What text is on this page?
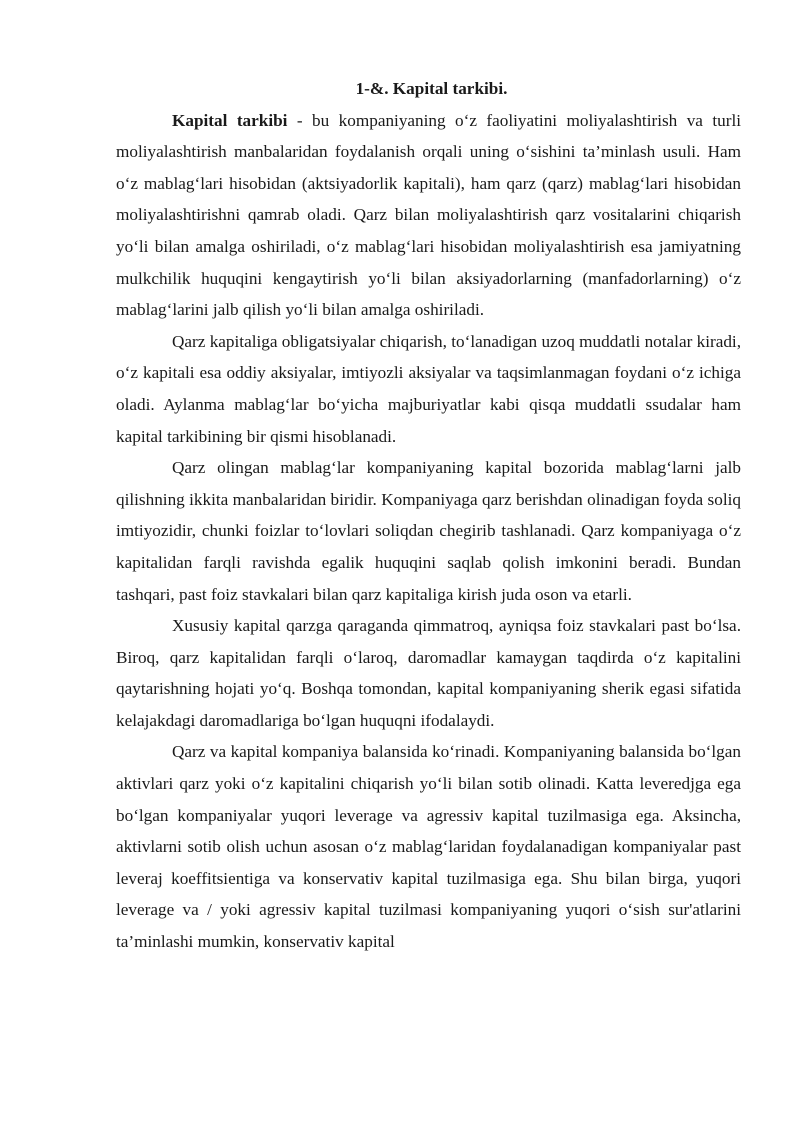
1-&. Kapital tarkibi.

Kapital tarkibi - bu kompaniyaning o‘z faoliyatini moliyalashtirish va turli moliyalashtirish manbalaridan foydalanish orqali uning o‘sishini ta’minlash usuli. Ham o‘z mablag‘lari hisobidan (aktsiyadorlik kapitali), ham qarz (qarz) mablag‘lari hisobidan moliyalashtirishni qamrab oladi. Qarz bilan moliyalashtirish qarz vositalarini chiqarish yo‘li bilan amalga oshiriladi, o‘z mablag‘lari hisobidan moliyalashtirish esa jamiyatning mulkchilik huquqini kengaytirish yo‘li bilan aksiyadorlarning (manfadorlarning) o‘z mablag‘larini jalb qilish yo‘li bilan amalga oshiriladi.

Qarz kapitaliga obligatsiyalar chiqarish, to‘lanadigan uzoq muddatli notalar kiradi, o‘z kapitali esa oddiy aksiyalar, imtiyozli aksiyalar va taqsimlanmagan foydani o‘z ichiga oladi. Aylanma mablag‘lar bo‘yicha majburiyatlar kabi qisqa muddatli ssudalar ham kapital tarkibining bir qismi hisoblanadi.

Qarz olingan mablag‘lar kompaniyaning kapital bozorida mablag‘larni jalb qilishning ikkita manbalaridan biridir. Kompaniyaga qarz berishdan olinadigan foyda soliq imtiyozidir, chunki foizlar to‘lovlari soliqdan chegirib tashlanadi. Qarz kompaniyaga o‘z kapitalidan farqli ravishda egalik huquqini saqlab qolish imkonini beradi. Bundan tashqari, past foiz stavkalari bilan qarz kapitaliga kirish juda oson va etarli.

Xususiy kapital qarzga qaraganda qimmatroq, ayniqsa foiz stavkalari past bo‘lsa. Biroq, qarz kapitalidan farqli o‘laroq, daromadlar kamaygan taqdirda o‘z kapitalini qaytarishning hojati yo‘q. Boshqa tomondan, kapital kompaniyaning sherik egasi sifatida kelajakdagi daromadlariga bo‘lgan huquqni ifodalaydi.

Qarz va kapital kompaniya balansida ko‘rinadi. Kompaniyaning balansida bo‘lgan aktivlari qarz yoki o‘z kapitalini chiqarish yo‘li bilan sotib olinadi. Katta leveredjga ega bo‘lgan kompaniyalar yuqori leverage va agressiv kapital tuzilmasiga ega. Aksincha, aktivlarni sotib olish uchun asosan o‘z mablag‘laridan foydalanadigan kompaniyalar past leveraj koeffitsientiga va konservativ kapital tuzilmasiga ega. Shu bilan birga, yuqori leverage va / yoki agressiv kapital tuzilmasi kompaniyaning yuqori o‘sish sur'atlarini ta’minlashi mumkin, konservativ kapital
